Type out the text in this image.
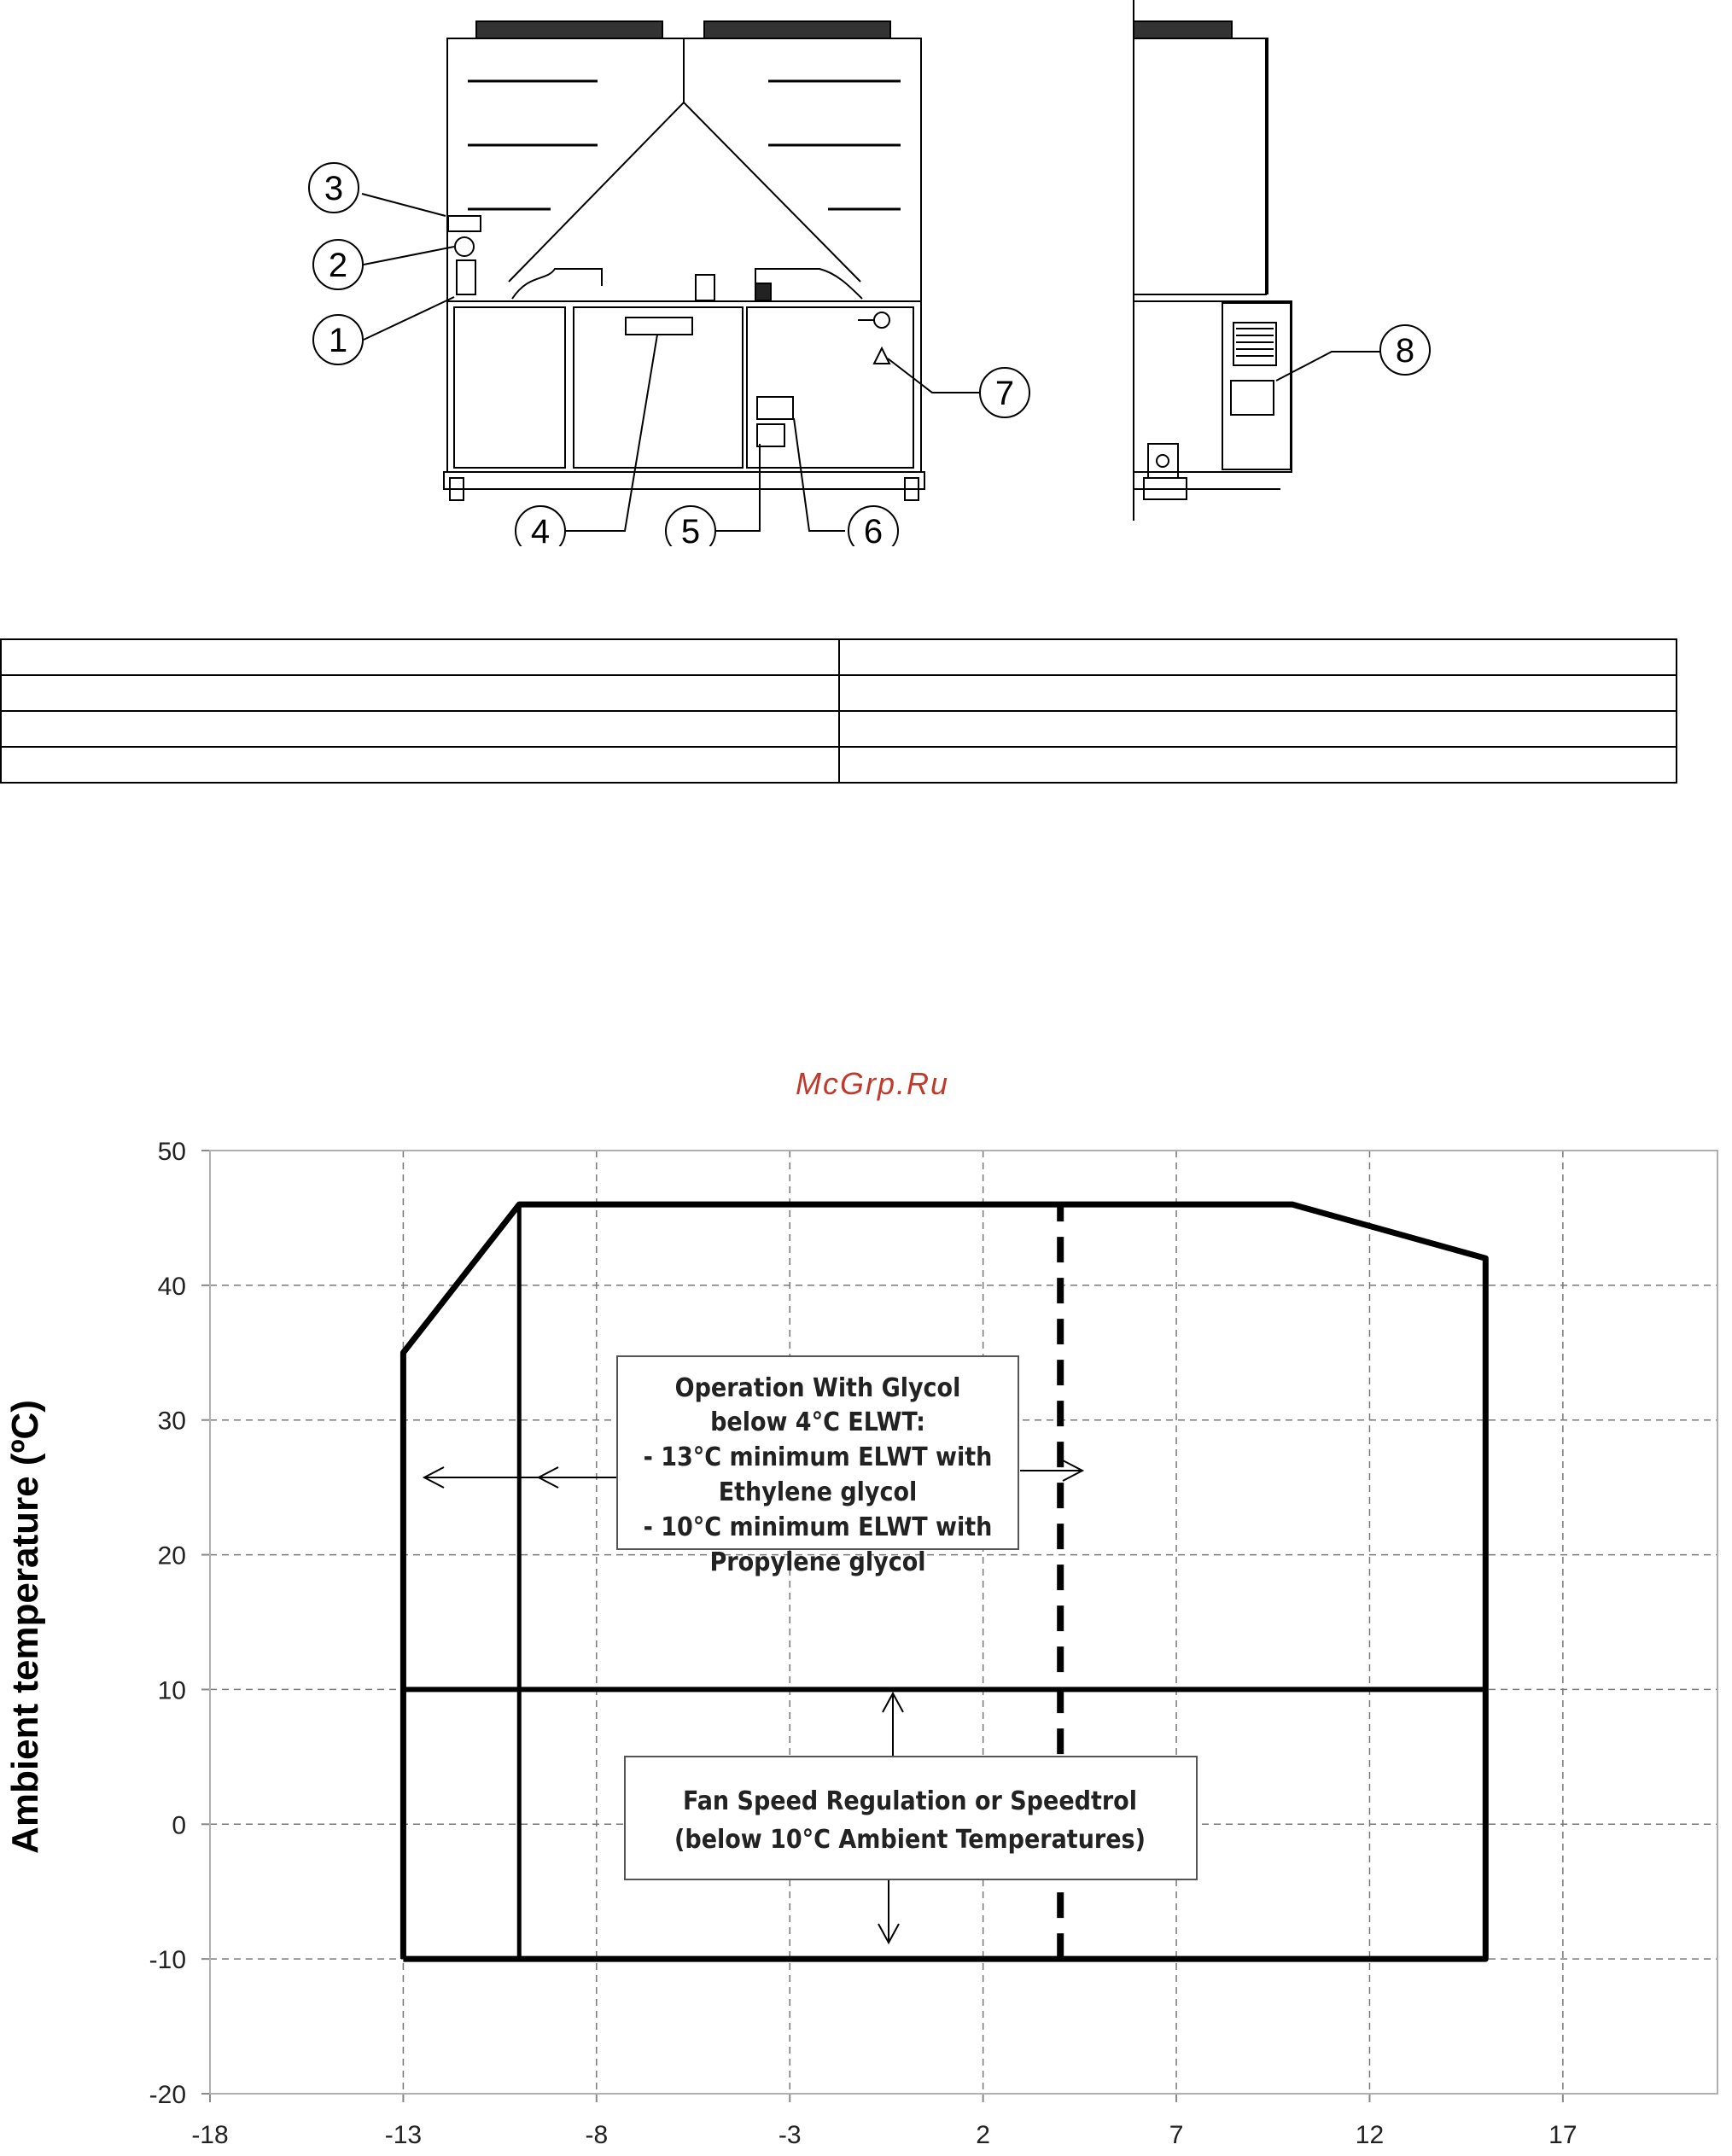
3
2
1
4	5	6
7
8

McGrp.Ru
50
40
30
20
10
0
-10
-20
-18	-13	-8	-3	2	7	12	17
Operation With Glycol
below 4°C ELWT:
- 13°C minimum ELWT with
Ethylene glycol
- 10°C minimum ELWT with
Propylene glycol
Fan Speed Regulation or Speedtrol
(below 10°C Ambient Temperatures)
Ambient temperature (ºC)
